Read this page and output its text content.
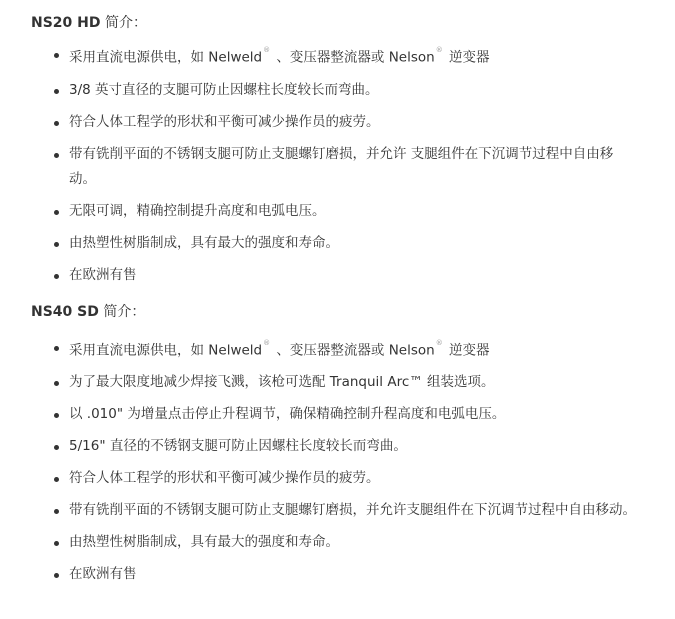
NS20 HD 简介：
采用直流电源供电，如 Nelweld® 、变压器整流器或 Nelson® 逆变器
3/8 英寸直径的支腿可防止因螺柱长度较长而弯曲。
符合人体工程学的形状和平衡可减少操作员的疲劳。
带有铣削平面的不锈钢支腿可防止支腿螺钉磨损，并允许 支腿组件在下沉调节过程中自由移动。
无限可调，精确控制提升高度和电弧电压。
由热塑性树脂制成，具有最大的强度和寿命。
在欧洲有售
NS40 SD 简介：
采用直流电源供电，如 Nelweld® 、变压器整流器或 Nelson® 逆变器
为了最大限度地减少焊接飞溅，该枪可选配 Tranquil Arc™ 组装选项。
以 .010" 为增量点击停止升程调节，确保精确控制升程高度和电弧电压。
5/16" 直径的不锈钢支腿可防止因螺柱长度较长而弯曲。
符合人体工程学的形状和平衡可减少操作员的疲劳。
带有铣削平面的不锈钢支腿可防止支腿螺钉磨损，并允许支腿组件在下沉调节过程中自由移动。
由热塑性树脂制成，具有最大的强度和寿命。
在欧洲有售
